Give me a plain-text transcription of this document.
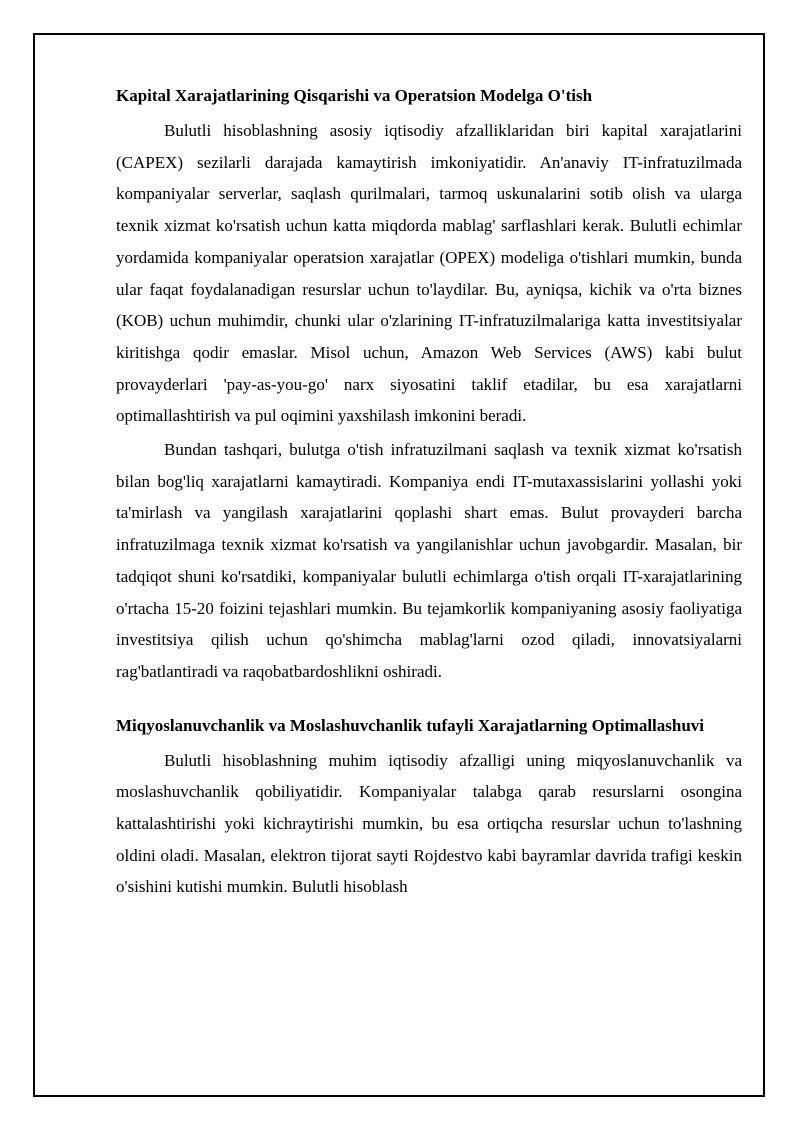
Kapital Xarajatlarining Qisqarishi va Operatsion Modelga O'tish

Bulutli hisoblashning asosiy iqtisodiy afzalliklaridan biri kapital xarajatlarini (CAPEX) sezilarli darajada kamaytirish imkoniyatidir. An'anaviy IT-infratuzilmada kompaniyalar serverlar, saqlash qurilmalari, tarmoq uskunalarini sotib olish va ularga texnik xizmat ko'rsatish uchun katta miqdorda mablag' sarflashlari kerak. Bulutli echimlar yordamida kompaniyalar operatsion xarajatlar (OPEX) modeliga o'tishlari mumkin, bunda ular faqat foydalanadigan resurslar uchun to'laydilar. Bu, ayniqsa, kichik va o'rta biznes (KOB) uchun muhimdir, chunki ular o'zlarining IT-infratuzilmalariga katta investitsiyalar kiritishga qodir emaslar. Misol uchun, Amazon Web Services (AWS) kabi bulut provayderlari 'pay-as-you-go' narx siyosatini taklif etadilar, bu esa xarajatlarni optimallashtirish va pul oqimini yaxshilash imkonini beradi.

Bundan tashqari, bulutga o'tish infratuzilmani saqlash va texnik xizmat ko'rsatish bilan bog'liq xarajatlarni kamaytiradi. Kompaniya endi IT-mutaxassislarini yollashi yoki ta'mirlash va yangilash xarajatlarini qoplashi shart emas. Bulut provayderi barcha infratuzilmaga texnik xizmat ko'rsatish va yangilanishlar uchun javobgardir. Masalan, bir tadqiqot shuni ko'rsatdiki, kompaniyalar bulutli echimlarga o'tish orqali IT-xarajatlarining o'rtacha 15-20 foizini tejashlari mumkin. Bu tejamkorlik kompaniyaning asosiy faoliyatiga investitsiya qilish uchun qo'shimcha mablag'larni ozod qiladi, innovatsiyalarni rag'batlantiradi va raqobatbardoshlikni oshiradi.

Miqyoslanuvchanlik va Moslashuvchanlik tufayli Xarajatlarning Optimallashuvi

Bulutli hisoblashning muhim iqtisodiy afzalligi uning miqyoslanuvchanlik va moslashuvchanlik qobiliyatidir. Kompaniyalar talabga qarab resurslarni osongina kattalashtirishi yoki kichraytirishi mumkin, bu esa ortiqcha resurslar uchun to'lashning oldini oladi. Masalan, elektron tijorat sayti Rojdestvo kabi bayramlar davrida trafigi keskin o'sishini kutishi mumkin. Bulutli hisoblash
